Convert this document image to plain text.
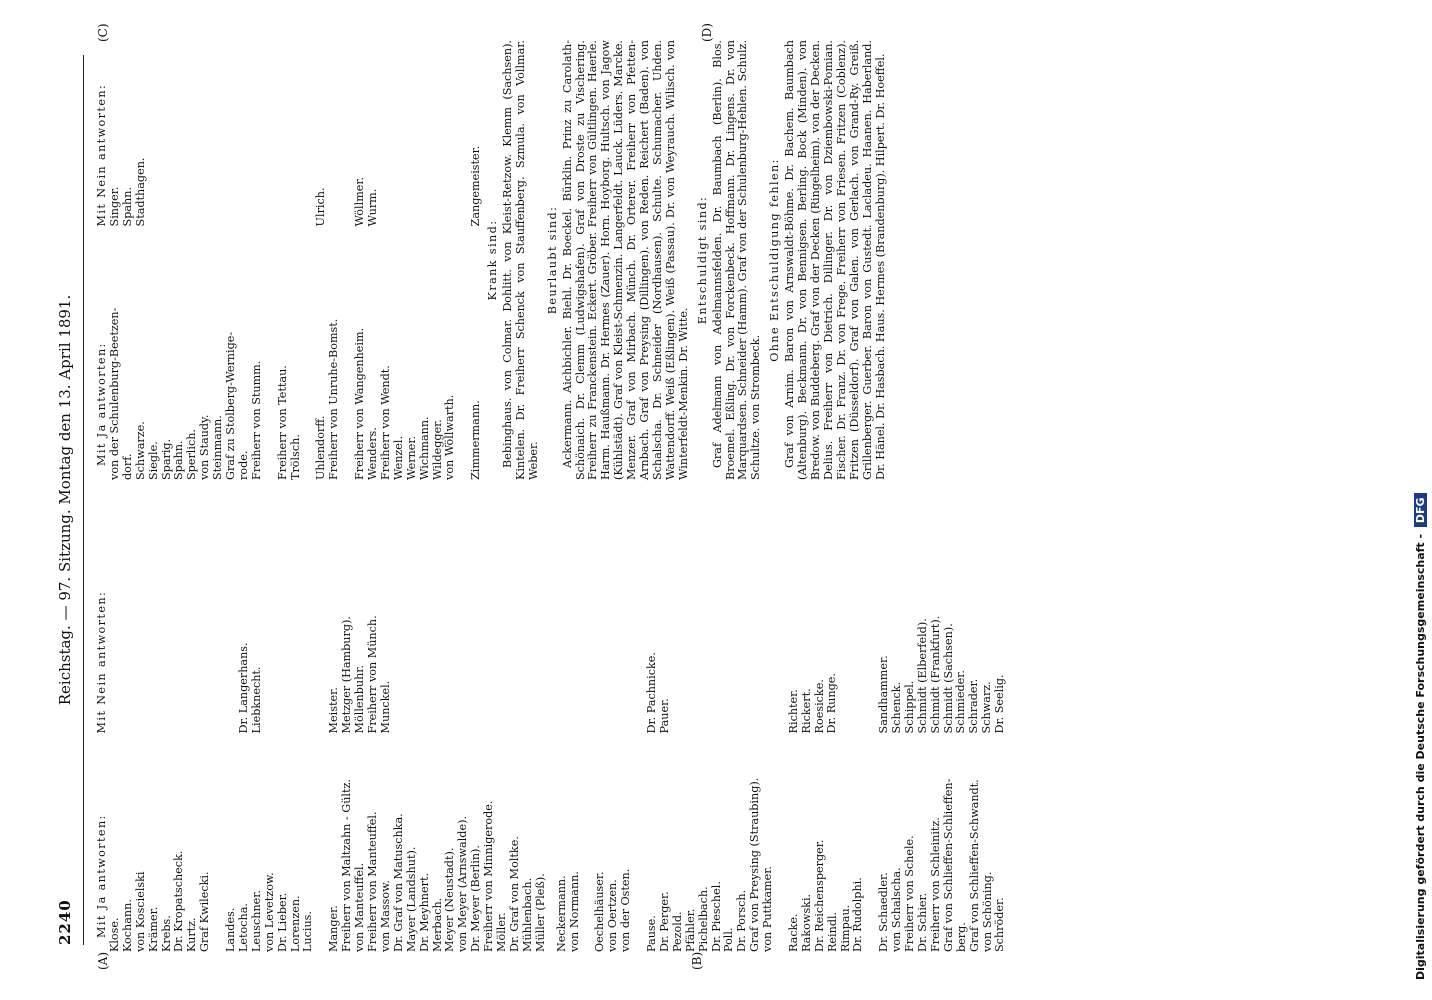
2240
Reichstag. — 97. Sitzung. Montag den 13. April 1891.
(A)	(B)
(C)	(D)
Mit Ja antworten: Mit Nein antworten:
Klose. Kochann. von Koscielski Krämer. Krebs. Dr. Kropatscheck. Kurtz. Graf Kwilecki. Landes. Letocha. Leuschner. von Levetzow. Dr. Lieber. Lorenzen. Lucius. Manger. Freiherr von Maltzahn - Gültz. von Manteuffel. Freiherr von Manteuffel. von Massow. Dr. Graf von Matuschka. Mayer (Landshut). Dr. Meyhnert. Merbach. Meyer (Neustadt). von Meyer (Arnswalde). Dr. Meyer (Berlin). Freiherr von Minnigerode. Möller. Dr. Graf von Moltke. Mühlenbach. Müller (Pleß).

Dr. Langerhans. Liebknecht.	Meister. Metzger (Hamburg). Möllenbuhr. Freiherr von Münch. Munckel.
Neckermann. von Normann. Oechelhäuser. von Oertzen. von der Osten. Pause. Dr. Perger. Pezold. Pfähler. Pichelbach. Dr. Pieschel. Poll. Dr. Porsch. Graf von Preysing (Straubing). von Puttkamer. Racke. Rakowski. Dr. Reichensperger. Reindl. Rimpau. Dr. Rudolphi. Dr. Schaedler. von Schalscha. Freiherr von Schele. Dr. Schier. Freiherr von Schleinitz. Graf von Schlieffen-Schlieffen- berg. Graf von Schlieffen-Schwandt. von Schöning. Schröder.

Dr. Pachnicke. Pauer.	Richter. Rickert. Roesicke. Dr. Runge.	Sandhammer. Schenck. Schippel. Schmidt (Elberfeld). Schmidt (Frankfurt). Schmidt (Sachsen). Schmieder. Schrader. Schwarz. Dr. Seelig.
Mit Ja antworten: Mit Nein antworten:
von der Schulenburg-Beetzen- dorf. Schwarze. Siegle. Sparig. Spahn. Sperlich. von Staudy. Steinmann. Graf zu Stolberg-Wernige- rode. Freiherr von Stumm. Freiherr von Tettau. Trölsch. Uhlendorff. Freiherr von Unruhe-Bomst. Freiherr von Wangenheim. Wenders. Freiherr von Wendt. Wenzel. Werner. Wichmann. Wildegger. von Wöllwarth. Zimmermann.

Singer. Spahn. Stadthagen.	Ulrich. Wöllmer. Wurm.	Zangemeister.
Krank sind: Bebinghaus. von Colmar. Dohlitt. von Kleist-Retzow. Klemm (Sachsen). Kintelen. Dr. Freiherr Schenck von Stauffenberg. Szmula. von Vollmar. Weber.
Beurlaubt sind: Ackermann. Aichbichler. Biehl. Dr. Boeckel. Bürklin. Prinz zu Carolath-Schönaich. Dr. Clemm (Ludwigshafen). Graf von Droste zu Vischering. Freiherr zu Franckenstein. Eckert. Gröber. Freiherr von Gültlingen. Haerle. Harm. Haußmann. Dr. Hermes (Zauer). Horn. Hoyborg. Hultsch. von Jagow (Kühlstädt). Graf von Kleist-Schmenzin. Langerfeldt. Lauck. Lüders. Marcke. Menzer. Graf von Mirbach. Münch. Dr. Orterer. Freiherr von Pfetten-Arnbach. Graf von Preysing (Dillingen). von Reden. Reichert (Baden). von Schalscha. Dr. Schneider (Nordhausen). Schulte. Schumacher. Uhden. Wattendorff. Weiß (Eßlingen). Weiß (Passau). Dr. von Weyrauch. Wilisch. von Winterfeldt-Menkin. Dr. Witte.
Entschuldigt sind: Graf Adelmann von Adelmannsfelden. Dr. Baumbach (Berlin). Blos. Broemel. Eßling. Dr. von Forckenbeck. Hoffmann. Dr. Lingens. Dr. von Marquardsen. Schneider (Hamm). Graf von der Schulenburg-Hehlen. Schulz. Schultze. von Strombeck.
Ohne Entschuldigung fehlen: Graf von Arnim. Baron von Arnswaldt-Böhme. Dr. Bachem. Baumbach (Altenburg). Beckmann. Dr. von Bennigsen. Berling. Bock (Minden). von Bredow. von Buddeberg. Graf von der Decken (Ringelheim). von der Decken. Delius. Freiherr von Dietrich. Dillinger. Dr. von Dziembowski-Pomian. Fischer. Dr. Franz. Dr. von Frege. Freiherr von Friesen. Fritzen (Coblenz). Fritzen (Düsseldorf). Graf von Galen. von Gerlach. von Grand-Ry. Greiß. Grillenberger. Guerber. Baron von Gustedt. Lacladeu. Haanen. Haberland. Dr. Hänel. Dr. Hasbach. Haus. Hermes (Brandenburg). Hilpert. Dr. Hoeffel.
Digitalisierung gefördert durch die Deutsche Forschungsgemeinschaft - DFG
